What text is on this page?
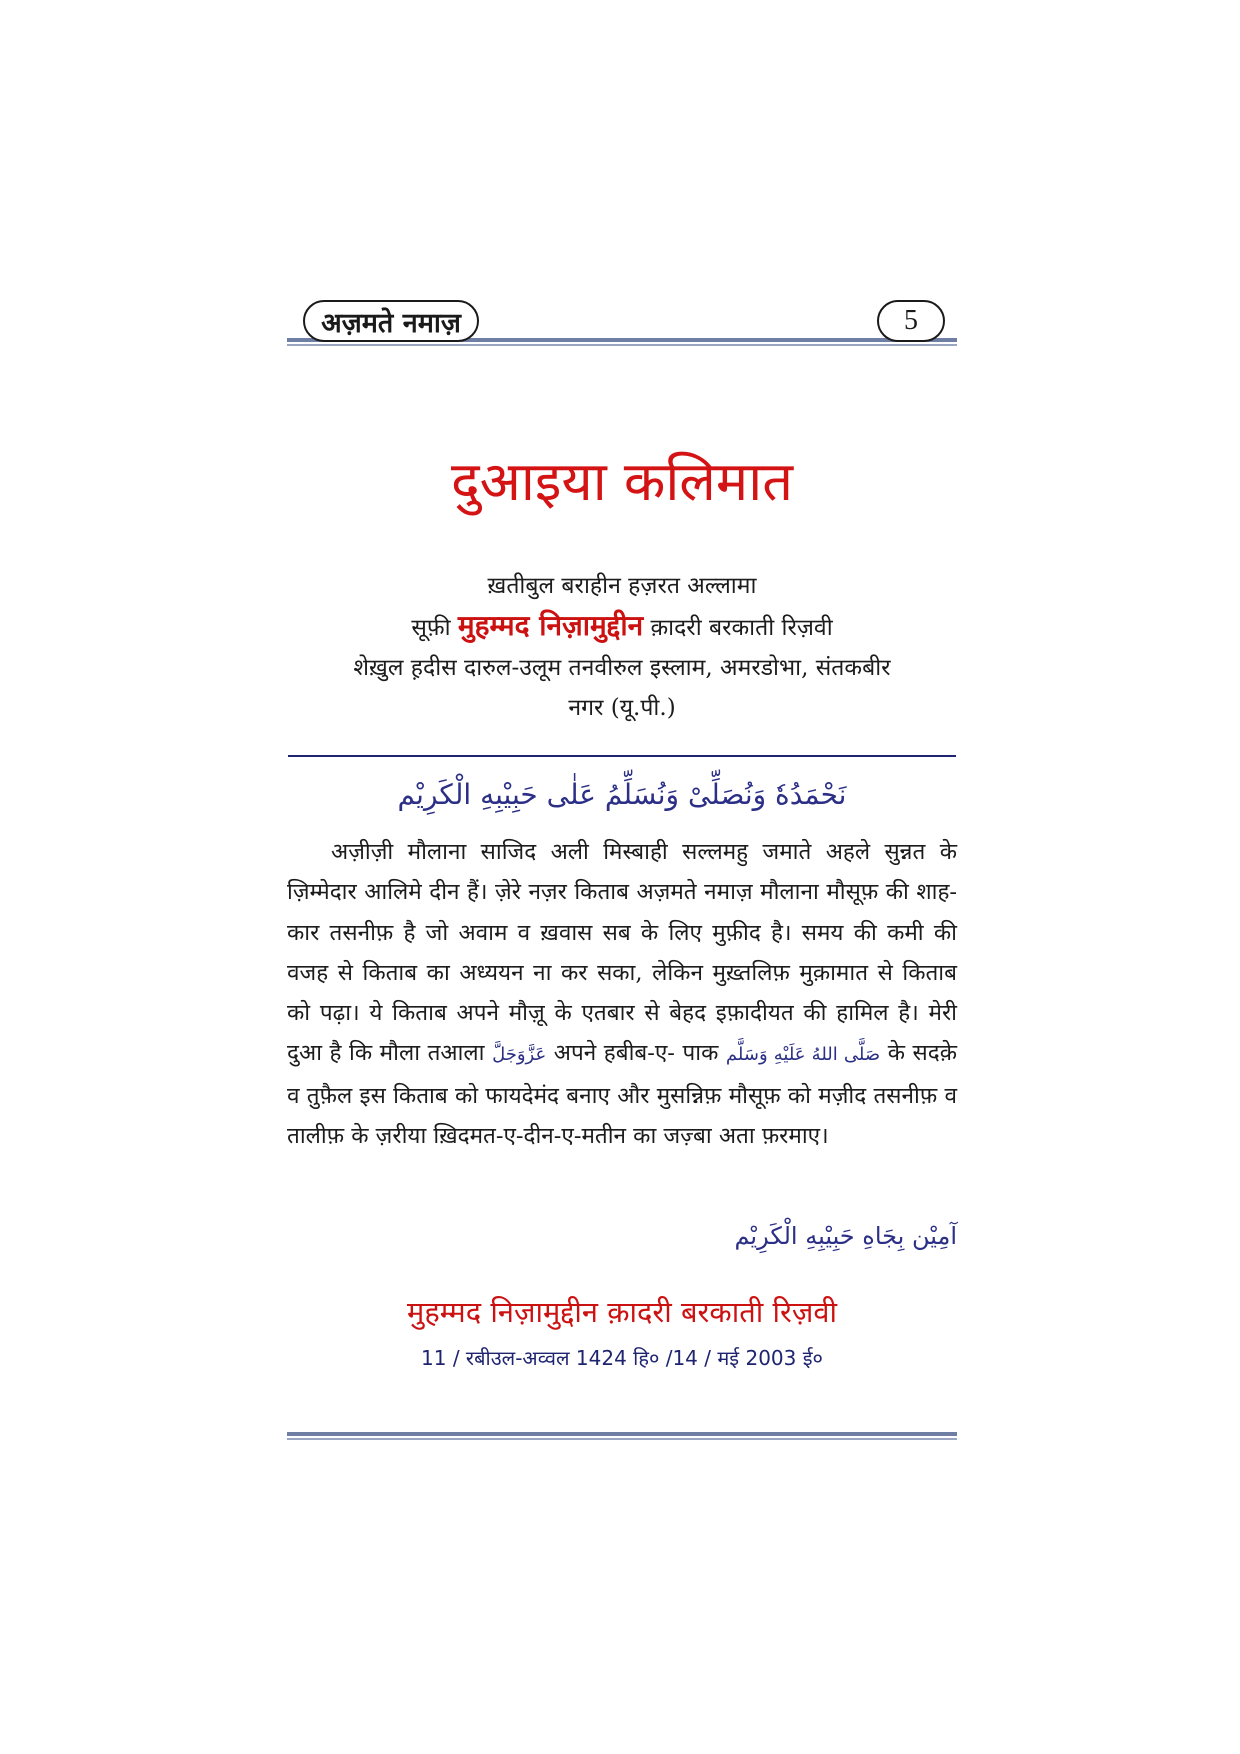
अज़मते नमाज़	5
दुआइया कलिमात
ख़तीबुल बराहीन हज़रत अल्लामा
सूफ़ी मुहम्मद निज़ामुद्दीन क़ादरी बरकाती रिज़वी
शेख़ुल ह़दीस दारुल-उलूम तनवीरुल इस्लाम, अमरडोभा, संतकबीर
नगर (यू.पी.)
نَحْمَدُهٗ وَنُصَلِّیْ وَنُسَلِّمُ عَلٰى حَبِیْبِهِ الْكَرِیْم

अज़ीज़ी मौलाना साजिद अली मिस्बाही सल्लमहु जमाते अहले सुन्नत के ज़िम्मेदार आलिमे दीन हैं। ज़ेरे नज़र किताब अज़मते नमाज़ मौलाना मौसूफ़ की शाह-कार तसनीफ़ है जो अवाम व ख़वास सब के लिए मुफ़ीद है। समय की कमी की वजह से किताब का अध्ययन ना कर सका, लेकिन मुख़्तलिफ़ मुक़ामात से किताब को पढ़ा। ये किताब अपने मौज़ू के एतबार से बेहद इफ़ादीयत की हामिल है। मेरी दुआ है कि मौला तआला عَزَّوَجَلَّ अपने हबीब-ए- पाक صَلَّى اللهُ عَلَيْهِ وَسَلَّم के सदक़े व तुफ़ैल इस किताब को फायदेमंद बनाए और मुसन्निफ़ मौसूफ़ को मज़ीद तसनीफ़ व तालीफ़ के ज़रीया ख़िदमत-ए-दीन-ए-मतीन का जज़्बा अता फ़रमाए।

آمِیْن بِجَاهِ حَبِیْبِهِ الْكَرِیْم
मुहम्मद निज़ामुद्दीन क़ादरी बरकाती रिज़वी
11 / रबीउल-अव्वल 1424 हि० /14 / मई 2003 ई०
